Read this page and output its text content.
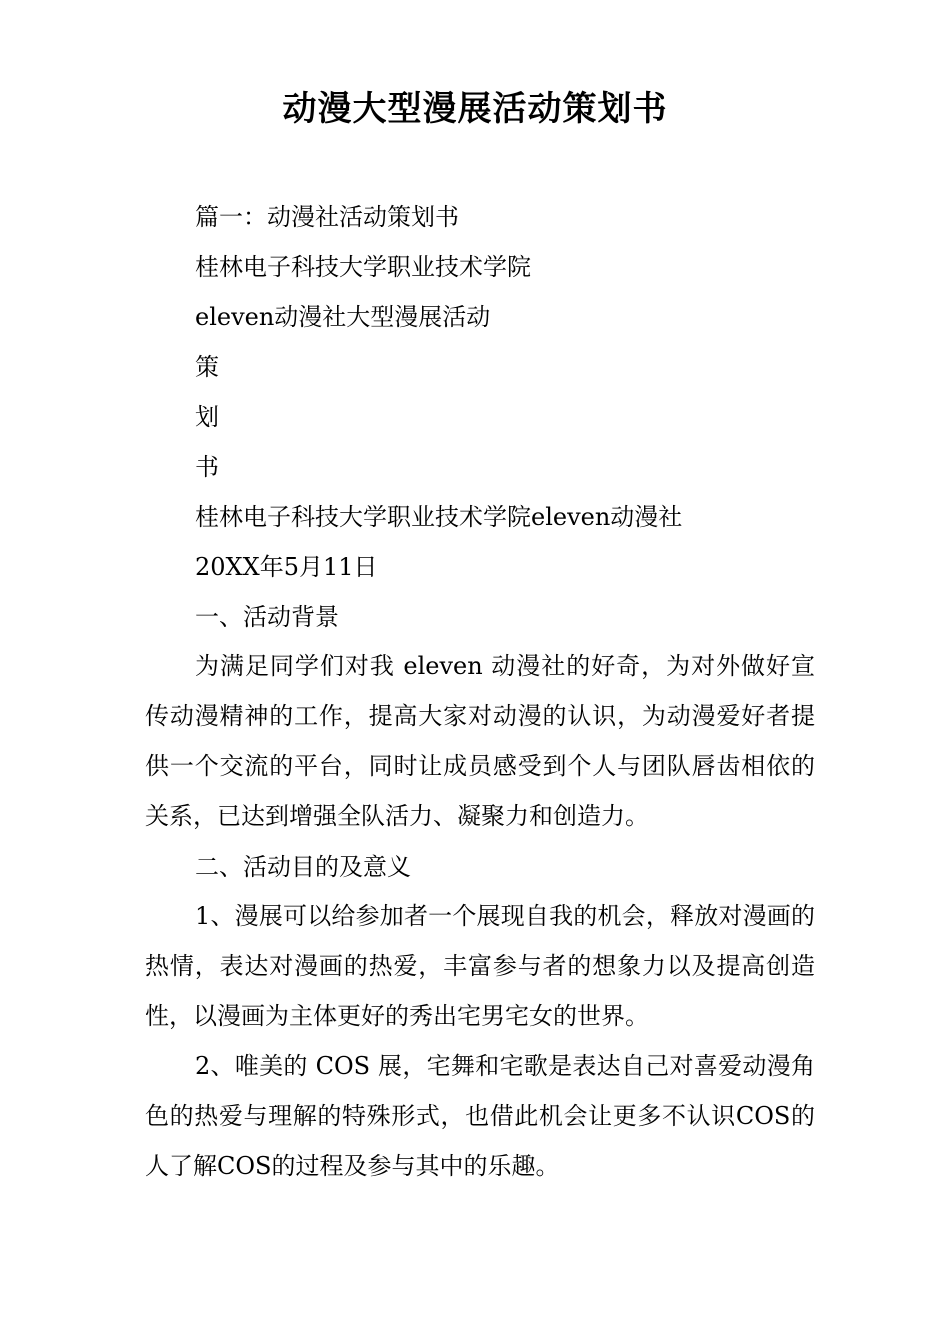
动漫大型漫展活动策划书
篇一：动漫社活动策划书
桂林电子科技大学职业技术学院
eleven动漫社大型漫展活动
策
划
书
桂林电子科技大学职业技术学院eleven动漫社
20XX年5月11日
一、活动背景

为满足同学们对我 eleven 动漫社的好奇，为对外做好宣传动漫精神的工作，提高大家对动漫的认识，为动漫爱好者提供一个交流的平台，同时让成员感受到个人与团队唇齿相依的关系，已达到增强全队活力、凝聚力和创造力。

二、活动目的及意义

1、漫展可以给参加者一个展现自我的机会，释放对漫画的热情，表达对漫画的热爱，丰富参与者的想象力以及提高创造性，以漫画为主体更好的秀出宅男宅女的世界。

2、唯美的 COS 展，宅舞和宅歌是表达自己对喜爱动漫角色的热爱与理解的特殊形式，也借此机会让更多不认识COS的人了解COS的过程及参与其中的乐趣。
